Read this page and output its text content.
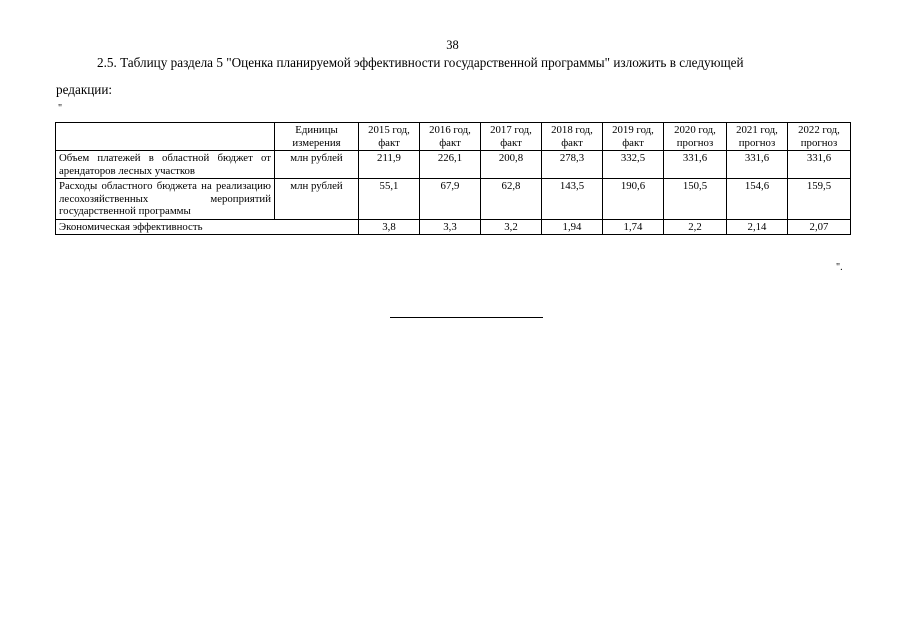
38
2.5. Таблицу раздела 5 "Оценка планируемой эффективности государственной программы" изложить в следующей
редакции:
"
	Единицы измерения	2015 год, факт	2016 год, факт	2017 год, факт	2018 год, факт	2019 год, факт	2020 год, прогноз	2021 год, прогноз	2022 год, прогноз
Объем платежей в областной бюджет от арендаторов лесных участков	млн рублей	211,9	226,1	200,8	278,3	332,5	331,6	331,6	331,6
Расходы областного бюджета на реализацию лесохозяйственных мероприятий государственной программы	млн рублей	55,1	67,9	62,8	143,5	190,6	150,5	154,6	159,5
Экономическая эффективность		3,8	3,3	3,2	1,94	1,74	2,2	2,14	2,07
".
